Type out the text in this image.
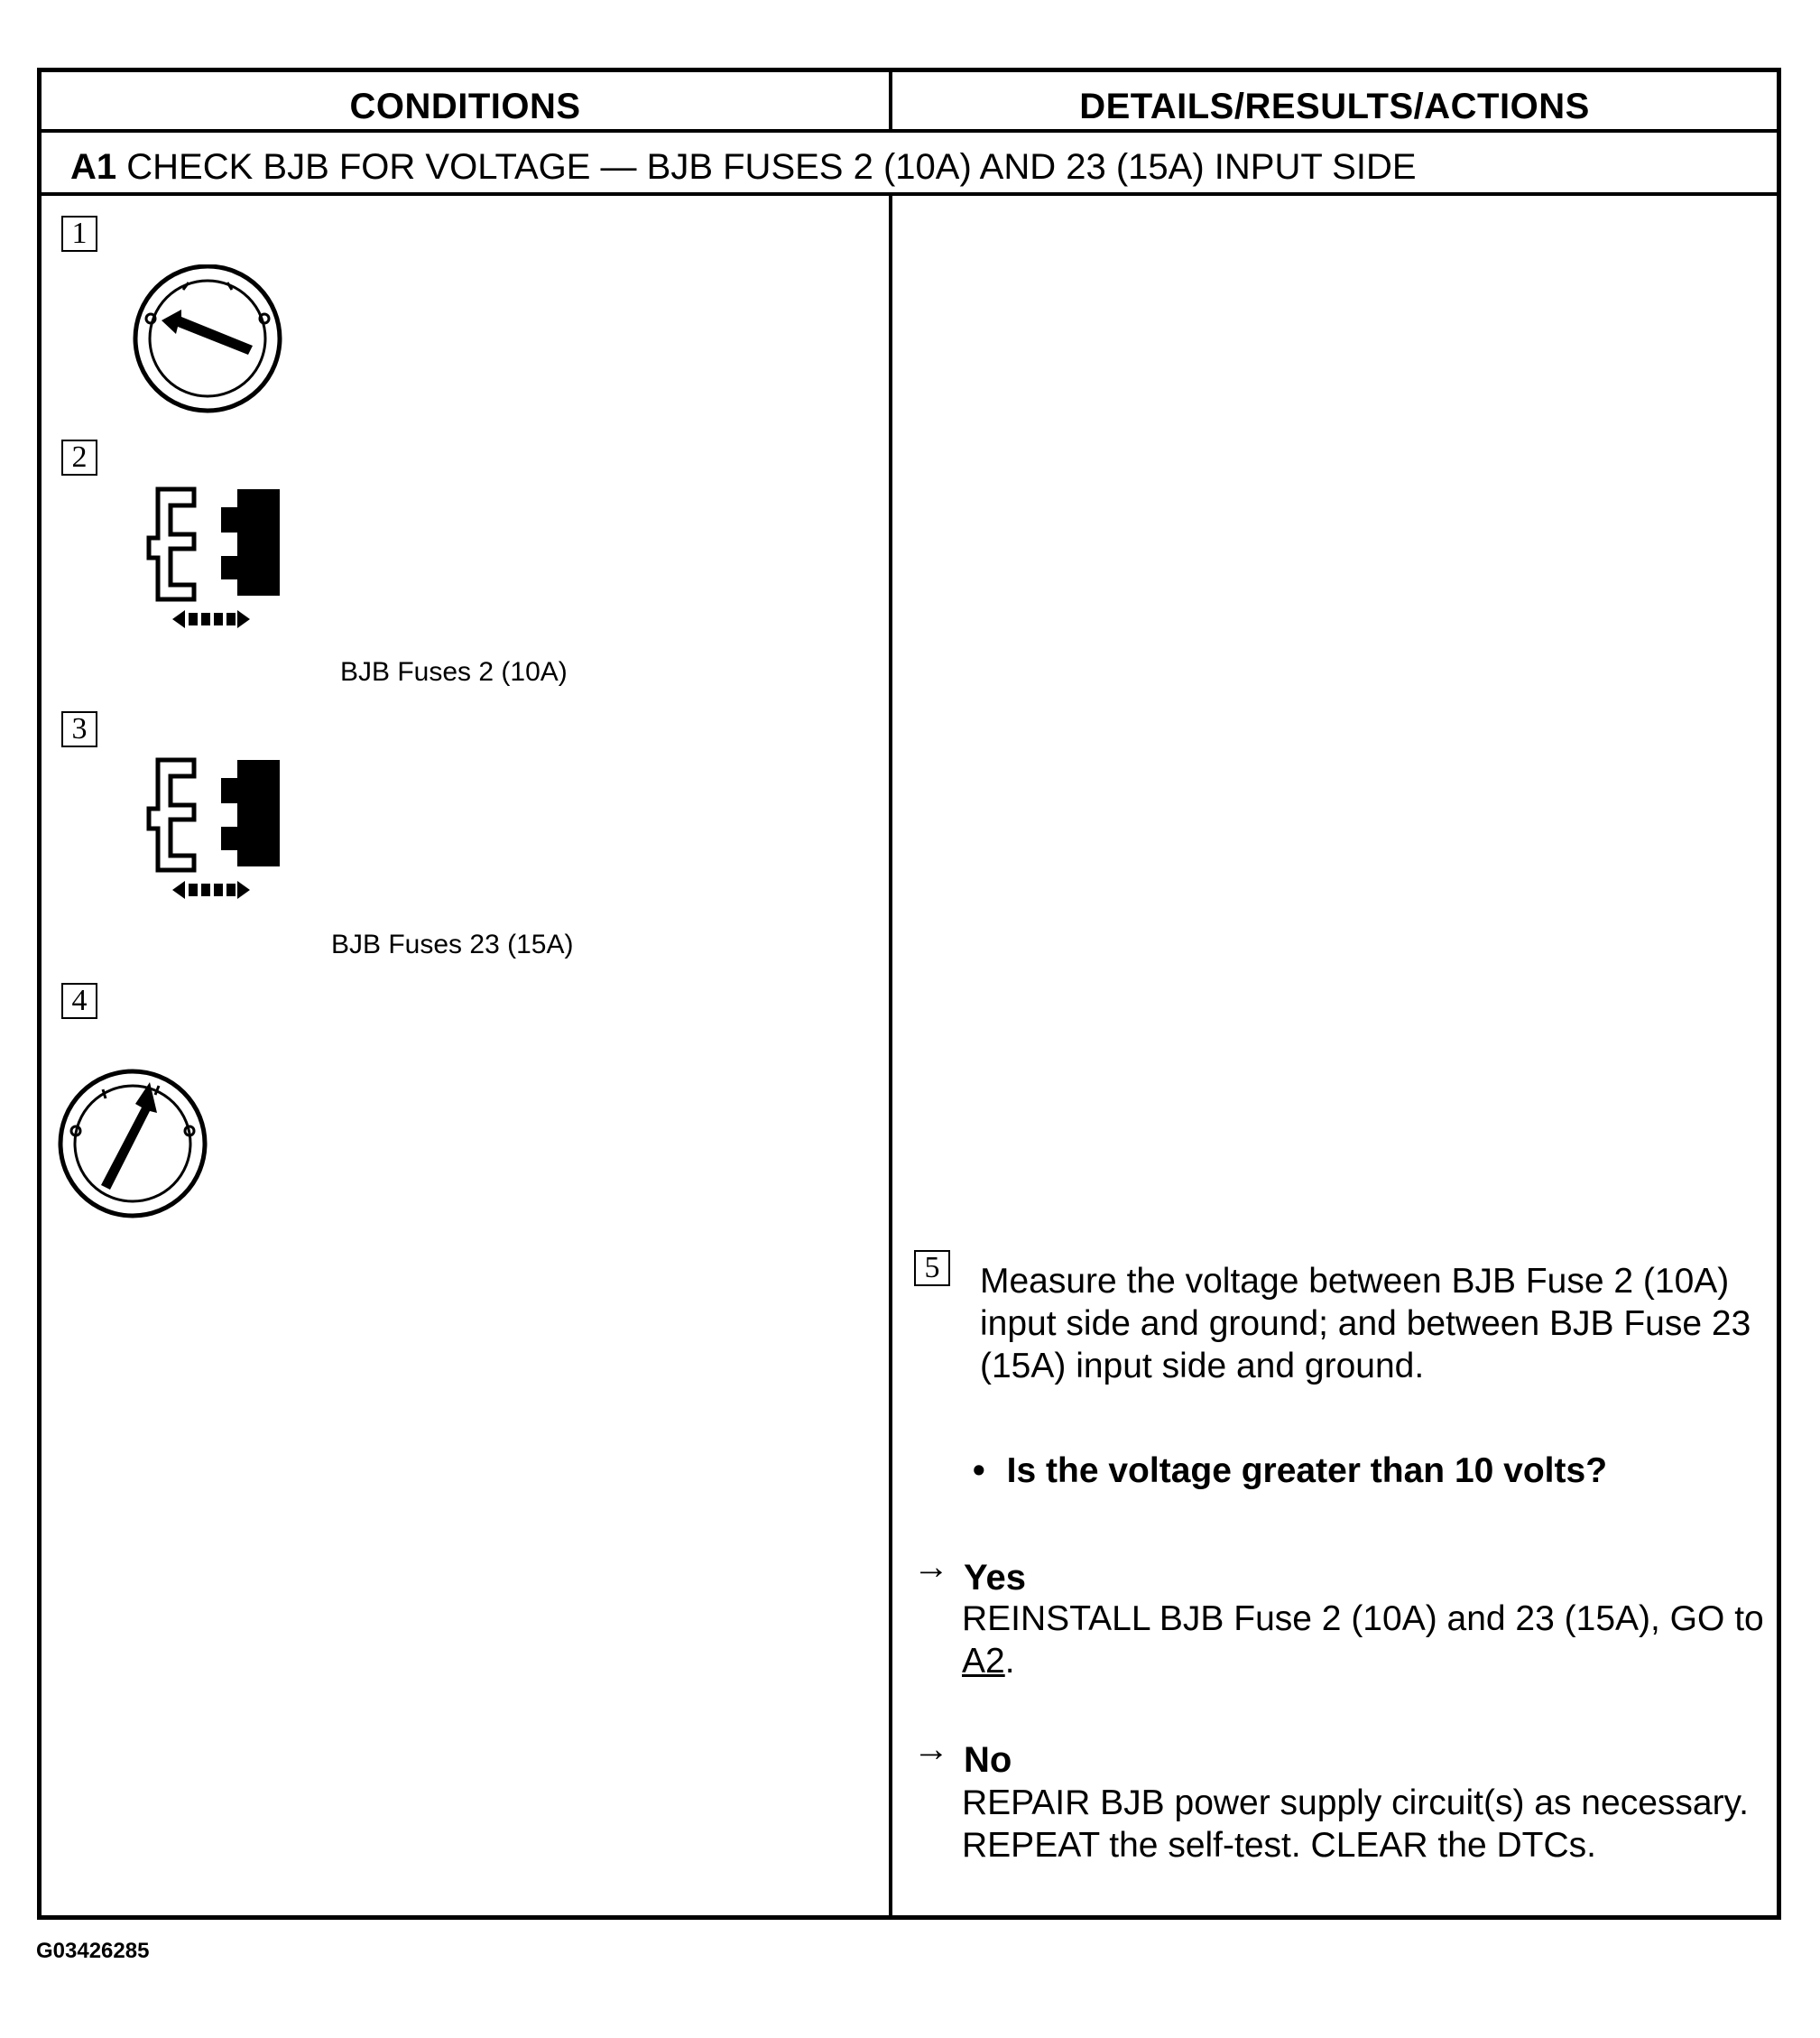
CONDITIONS	DETAILS/RESULTS/ACTIONS
A1 CHECK BJB FOR VOLTAGE — BJB FUSES 2 (10A) AND 23 (15A) INPUT SIDE
1
2
BJB Fuses 2 (10A)
3
BJB Fuses 23 (15A)
4
5 Measure the voltage between BJB Fuse 2 (10A) input side and ground; and between BJB Fuse 23 (15A) input side and ground.
• Is the voltage greater than 10 volts?
→ Yes
REINSTALL BJB Fuse 2 (10A) and 23 (15A), GO to A2.
→ No
REPAIR BJB power supply circuit(s) as necessary. REPEAT the self-test. CLEAR the DTCs.
G03426285
